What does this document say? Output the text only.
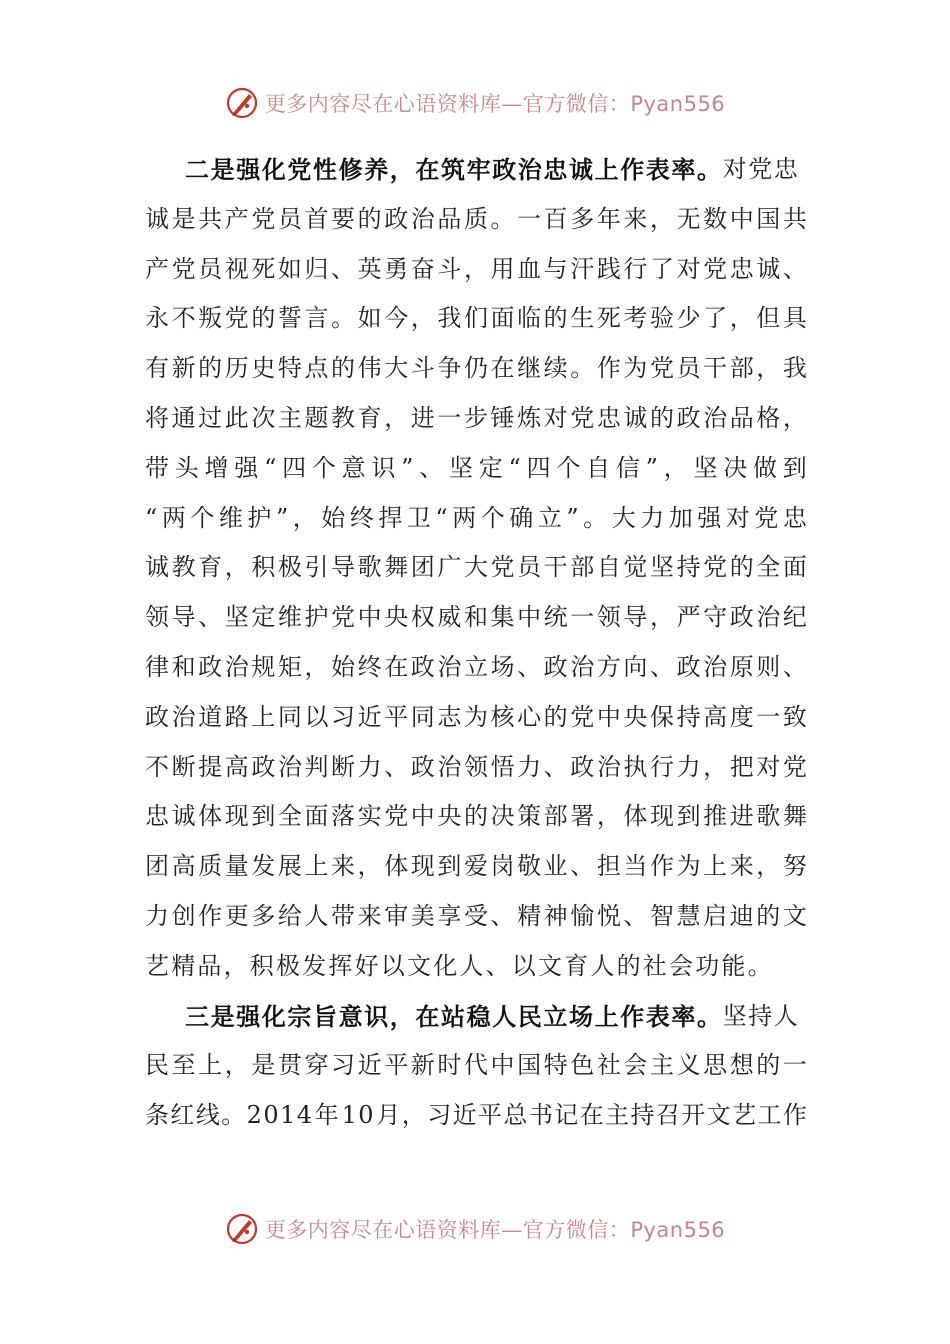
更多内容尽在心语资料库—官方微信：Pyan556
二是强化党性修养，在筑牢政治忠诚上作表率。 对党忠
诚 是 共 产 党 员 首 要 的 政 治 品 质 。 一 百 多 年 来 ， 无 数 中 国 共
产 党 员 视 死 如 归 、 英 勇 奋 斗 ， 用 血 与 汗 践 行 了 对 党 忠 诚 、
永 不 叛 党 的 誓 言 。 如 今 ， 我 们 面 临 的 生 死 考 验 少 了 ， 但 具
有 新 的 历 史 特 点 的 伟 大 斗 争 仍 在 继 续 。 作 为 党 员 干 部 ， 我
将 通 过 此 次 主 题 教 育 ， 进 一 步 锤 炼 对 党 忠 诚 的 政 治 品 格 ，
带 头 增 强 “ 四 个 意 识 ” 、 坚 定 “ 四 个 自 信 ” ， 坚 决 做 到
“ 两 个 维 护 ” ， 始 终 捍 卫 “ 两 个 确 立 ” 。 大 力 加 强 对 党 忠
诚 教 育 ， 积 极 引 导 歌 舞 团 广 大 党 员 干 部 自 觉 坚 持 党 的 全 面
领 导 、 坚 定 维 护 党 中 央 权 威 和 集 中 统 一 领 导 ， 严 守 政 治 纪
律 和 政 治 规 矩 ， 始 终 在 政 治 立 场 、 政 治 方 向 、 政 治 原 则 、
政 治 道 路 上 同 以 习 近 平 同 志 为 核 心 的 党 中 央 保 持 高 度 一 致
不 断 提 高 政 治 判 断 力 、 政 治 领 悟 力 、 政 治 执 行 力 ， 把 对 党
忠 诚 体 现 到 全 面 落 实 党 中 央 的 决 策 部 署 ， 体 现 到 推 进 歌 舞
团 高 质 量 发 展 上 来 ， 体 现 到 爱 岗 敬 业 、 担 当 作 为 上 来 ， 努
力 创 作 更 多 给 人 带 来 审 美 享 受 、 精 神 愉 悦 、 智 慧 启 迪 的 文
艺精品，积极发挥好以文化人、以文育人的社会功能。
三是强化宗旨意识，在站稳人民立场上作表率。 坚持人
民 至 上 ， 是 贯 穿 习 近 平 新 时 代 中 国 特 色 社 会 主 义 思 想 的 一
条 红 线 。 2 0 1 4 年 1 0 月 ， 习 近 平 总 书 记 在 主 持 召 开 文 艺 工 作
更多内容尽在心语资料库—官方微信：Pyan556
